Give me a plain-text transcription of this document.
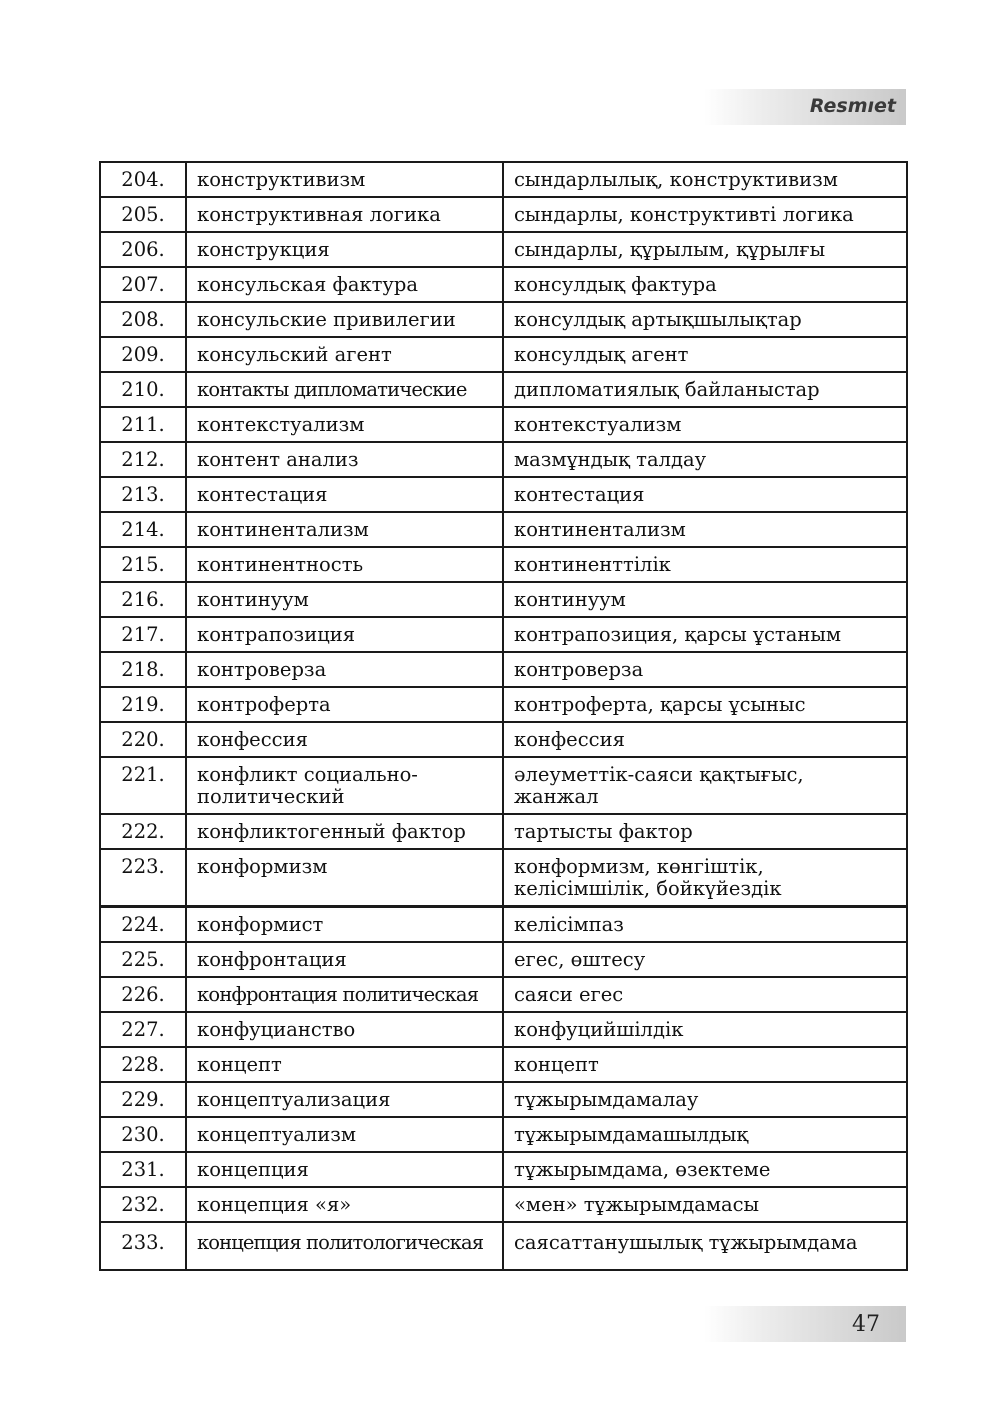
Resmıet
204.	конструктивизм	сындарлылық, конструктивизм
205.	конструктивная логика	сындарлы, конструктивті логика
206.	конструкция	сындарлы, құрылым, құрылғы
207.	консульская фактура	консулдық фактура
208.	консульские привилегии	консулдық артықшылықтар
209.	консульский агент	консулдық агент
210.	контакты дипломатические	дипломатиялық байланыстар
211.	контекстуализм	контекстуализм
212.	контент анализ	мазмұндық талдау
213.	контестация	контестация
214.	континентализм	континентализм
215.	континентность	континенттілік
216.	континуум	континуум
217.	контрапозиция	контрапозиция, қарсы ұстаным
218.	контроверза	контроверза
219.	контроферта	контроферта, қарсы ұсыныс
220.	конфессия	конфессия
221.	конфликт социально-политический	әлеуметтік-саяси қақтығыс, жанжал
222.	конфликтогенный фактор	тартысты фактор
223.	конформизм	конформизм, көнгіштік, келісімшілік, бойкүйездік
224.	конформист	келісімпаз
225.	конфронтация	егес, өштесу
226.	конфронтация политическая	саяси егес
227.	конфуцианство	конфуцийшілдік
228.	концепт	концепт
229.	концептуализация	тұжырымдамалау
230.	концептуализм	тұжырымдамашылдық
231.	концепция	тұжырымдама, өзектеме
232.	концепция «я»	«мен» тұжырымдамасы
233.	концепция политологическая	саясаттанушылық тұжырымдама
47
